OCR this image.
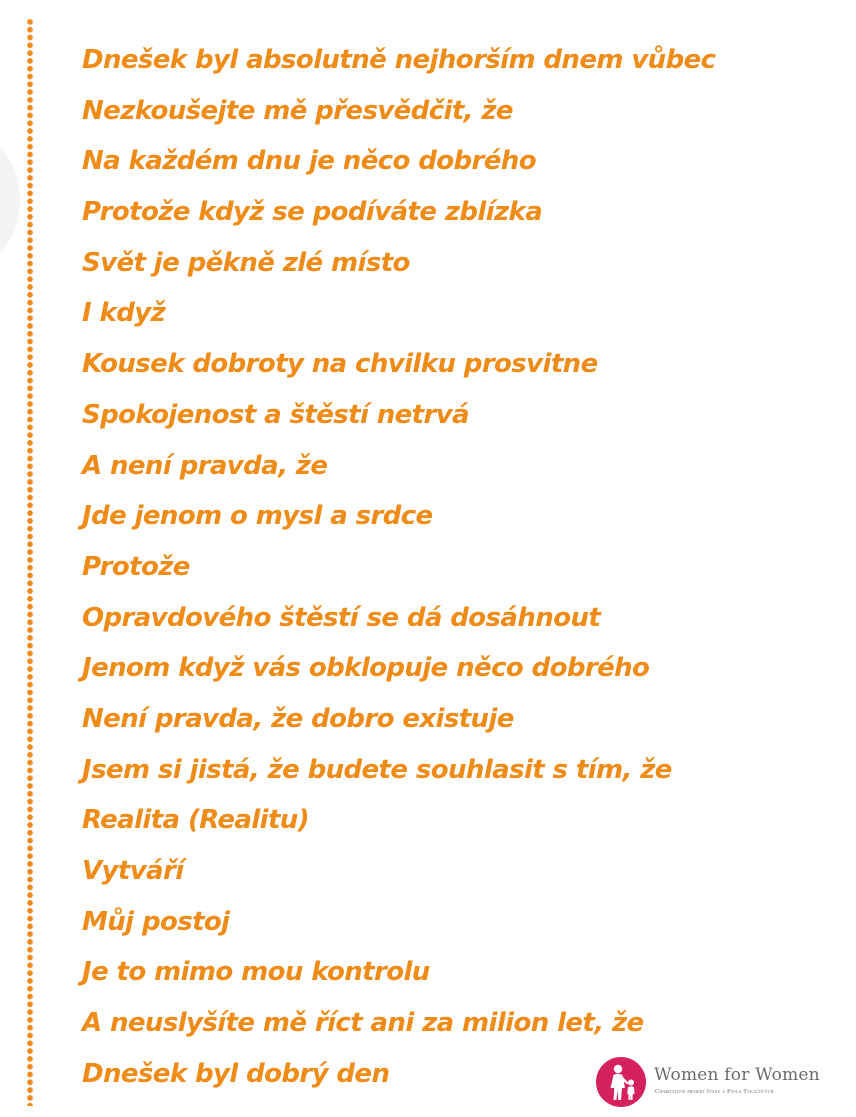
Dnešek byl absolutně nejhorším dnem vůbec
Nezkoušejte mě přesvědčit, že
Na každém dnu je něco dobrého
Protože když se podíváte zblízka
Svět je pěkně zlé místo
I když
Kousek dobroty na chvilku prosvitne
Spokojenost a štěstí netrvá
A není pravda, že
Jde jenom o mysl a srdce
Protože
Opravdového štěstí se dá dosáhnout
Jenom když vás obklopuje něco dobrého
Není pravda, že dobro existuje
Jsem si jistá, že budete souhlasit s tím, že
Realita (Realitu)
Vytváří
Můj postoj
Je to mimo mou kontrolu
A neuslyšíte mě říct ani za milion let, že
Dnešek byl dobrý den	Women for Women
Charitativní projekt Ivany a Pavla Tykačových
